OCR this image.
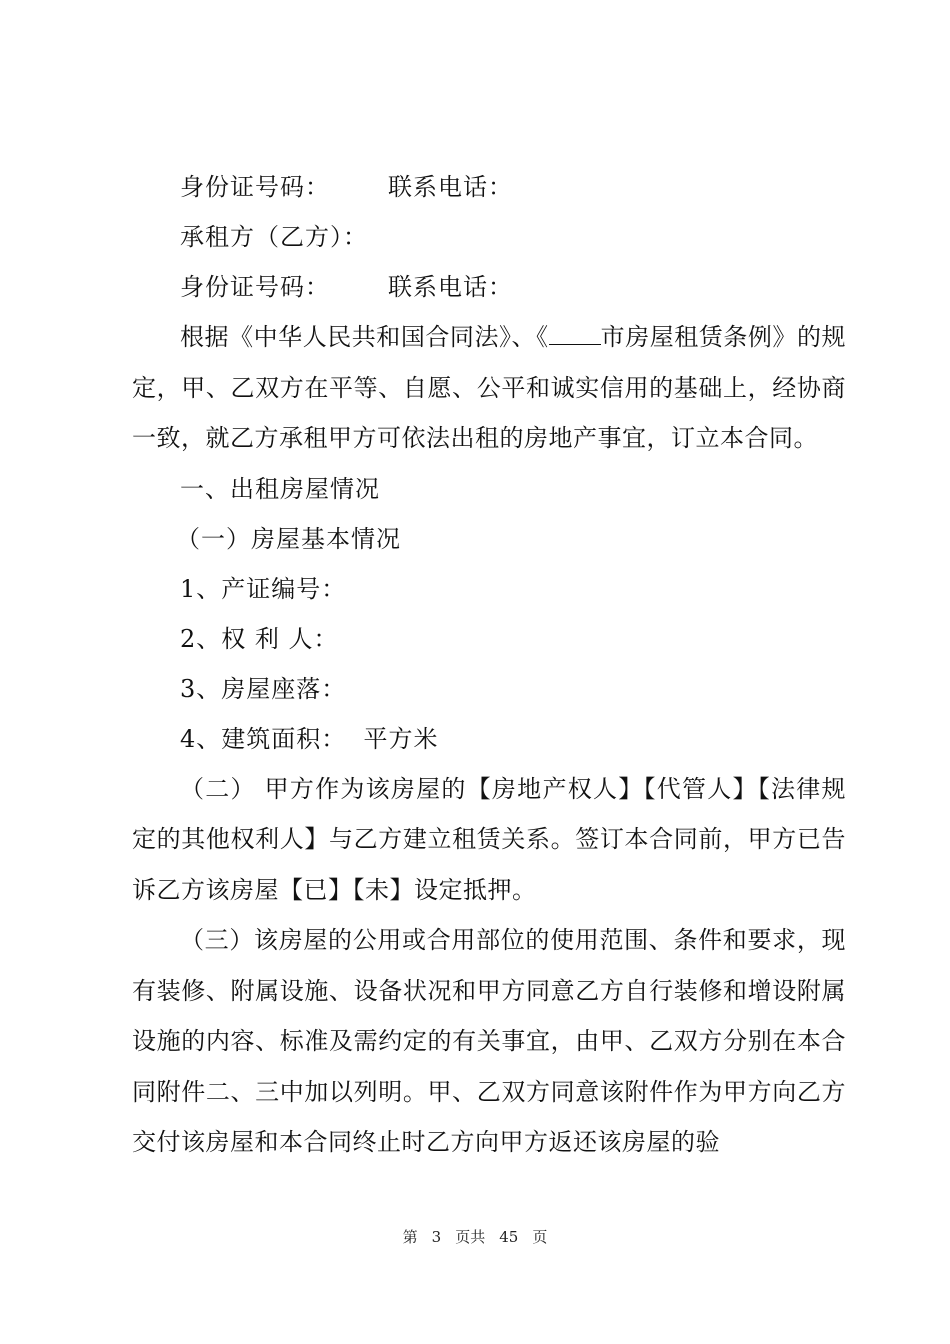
身份证号码： 联系电话：
承租方（乙方）：
身份证号码： 联系电话：
根据《中华人民共和国合同法》、《 市房屋租赁条例》的规定，甲、乙双方在平等、自愿、公平和诚实信用的基础上，经协商一致，就乙方承租甲方可依法出租的房地产事宜，订立本合同。
一、出租房屋情况
（一）房屋基本情况
1、产证编号：
2、权 利 人：
3、房屋座落：
4、建筑面积：  平方米
（二） 甲方作为该房屋的【房地产权人】【代管人】【法律规定的其他权利人】与乙方建立租赁关系。签订本合同前，甲方已告诉乙方该房屋【已】【未】设定抵押。
（三）该房屋的公用或合用部位的使用范围、条件和要求，现有装修、附属设施、设备状况和甲方同意乙方自行装修和增设附属设施的内容、标准及需约定的有关事宜，由甲、乙双方分别在本合同附件二、三中加以列明。甲、乙双方同意该附件作为甲方向乙方交付该房屋和本合同终止时乙方向甲方返还该房屋的验
第 3 页共 45 页
